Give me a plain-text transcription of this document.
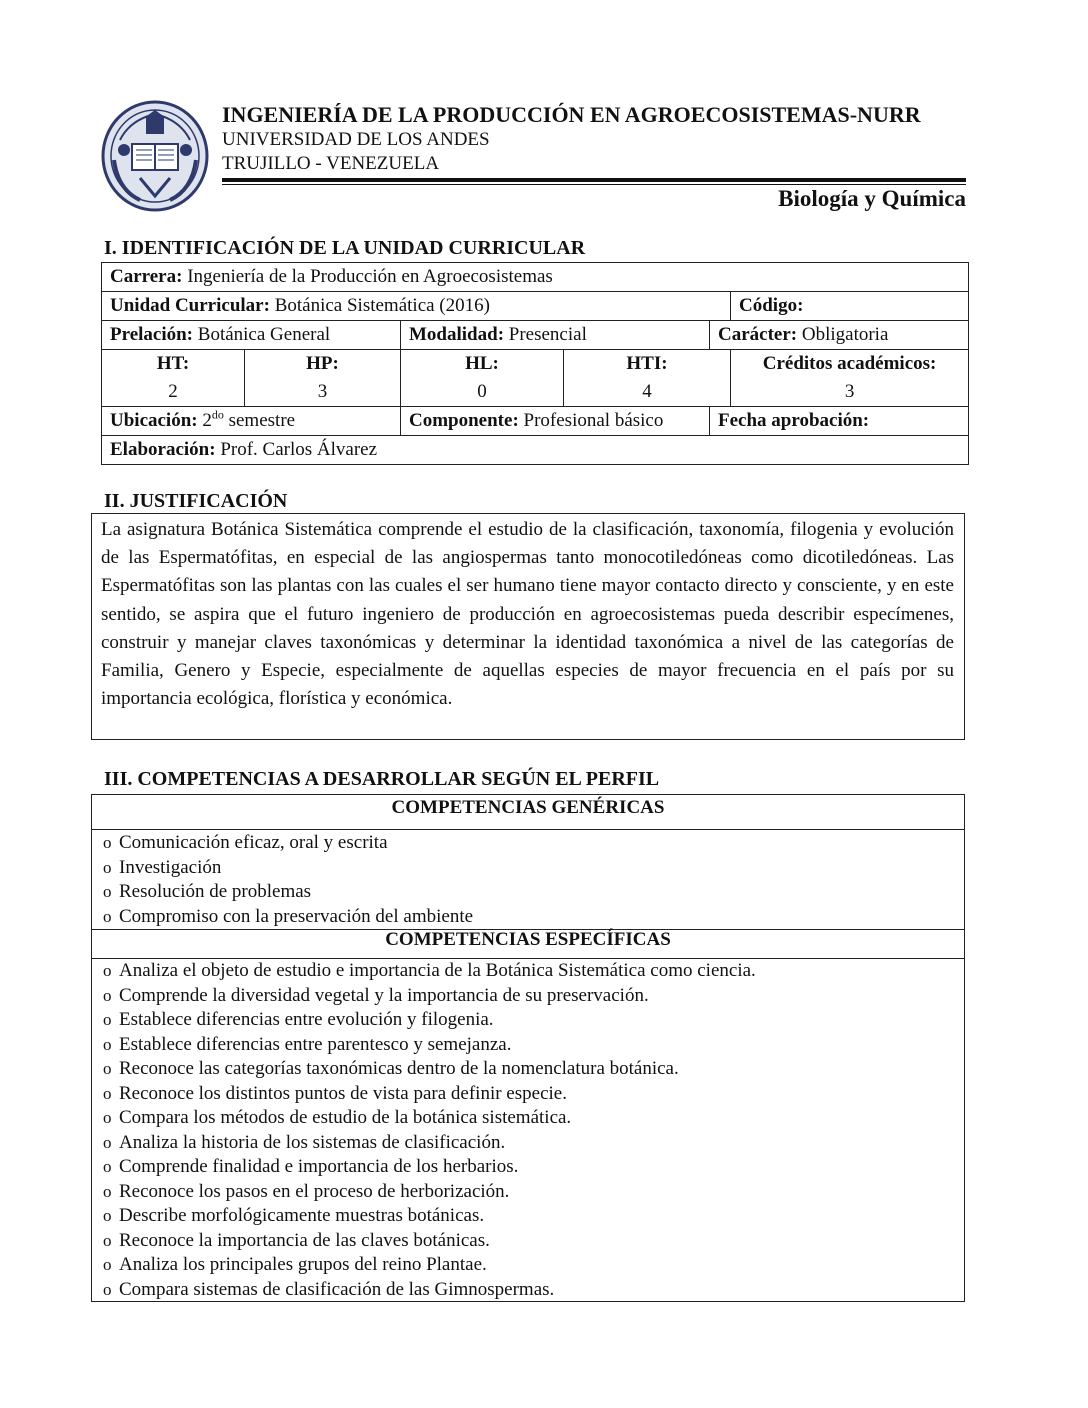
INGENIERÍA DE LA PRODUCCIÓN EN AGROECOSISTEMAS-NURR
UNIVERSIDAD DE LOS ANDES
TRUJILLO - VENEZUELA
Biología y Química
I. IDENTIFICACIÓN DE LA UNIDAD CURRICULAR
Carrera: Ingeniería de la Producción en Agroecosistemas					
Unidad Curricular: Botánica Sistemática (2016)					Código:
Prelación: Botánica General		Modalidad: Presencial		Carácter: Obligatoria	
HT:	HP:	HL:	HTI:		Créditos académicos:
2	3	0	4		3
Ubicación: $2^{do}$ semestre		Componente: Profesional básico		Fecha aprobación:	
Elaboración: Prof. Carlos Álvarez					
II. JUSTIFICACIÓN
La asignatura Botánica Sistemática comprende el estudio de la clasificación, taxonomía, filogenia y evolución de las Espermatófitas, en especial de las angiospermas tanto monocotiledóneas como dicotiledóneas. Las Espermatófitas son las plantas con las cuales el ser humano tiene mayor contacto directo y consciente, y en este sentido, se aspira que el futuro ingeniero de producción en agroecosistemas pueda describir especímenes, construir y manejar claves taxonómicas y determinar la identidad taxonómica a nivel de las categorías de Familia, Genero y Especie, especialmente de aquellas especies de mayor frecuencia en el país por su importancia ecológica, florística y económica.
III. COMPETENCIAS A DESARROLLAR SEGÚN EL PERFIL
COMPETENCIAS GENÉRICAS
o Comunicación eficaz, oral y escrita
o Investigación
o Resolución de problemas
o Compromiso con la preservación del ambiente
COMPETENCIAS ESPECÍFICAS
o Analiza el objeto de estudio e importancia de la Botánica Sistemática como ciencia.
o Comprende la diversidad vegetal y la importancia de su preservación.
o Establece diferencias entre evolución y filogenia.
o Establece diferencias entre parentesco y semejanza.
o Reconoce las categorías taxonómicas dentro de la nomenclatura botánica.
o Reconoce los distintos puntos de vista para definir especie.
o Compara los métodos de estudio de la botánica sistemática.
o Analiza la historia de los sistemas de clasificación.
o Comprende finalidad e importancia de los herbarios.
o Reconoce los pasos en el proceso de herborización.
o Describe morfológicamente muestras botánicas.
o Reconoce la importancia de las claves botánicas.
o Analiza los principales grupos del reino Plantae.
o Compara sistemas de clasificación de las Gimnospermas.
